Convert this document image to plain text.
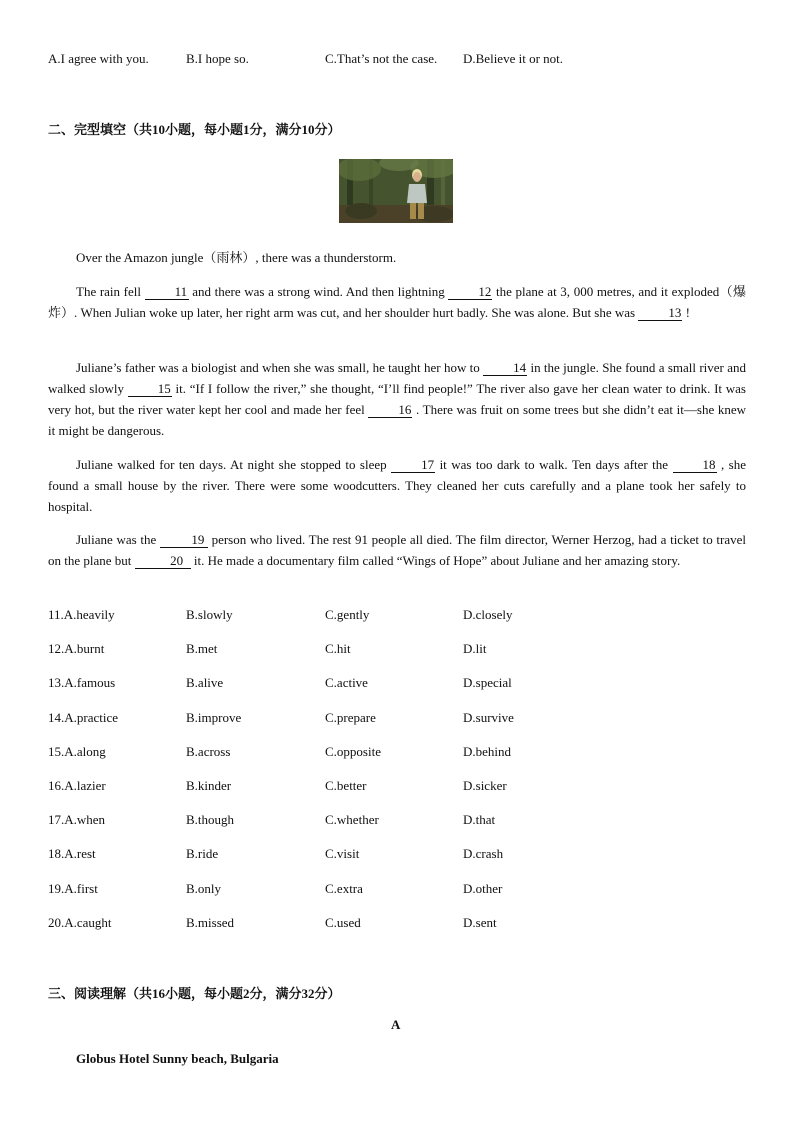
A.I agree with you.	B.I hope so.	C.That’s not the case. D.Believe it or not.
二、完型填空（共10小题，每小题1分，满分10分）
Over the Amazon jungle（雨林）, there was a thunderstorm.
The rain fell 11 and there was a strong wind. And then lightning 12 the plane at 3, 000 metres, and it exploded（爆炸）. When Julian woke up later, her right arm was cut, and her shoulder hurt badly. She was alone. But she was 13 !
Juliane’s father was a biologist and when she was small, he taught her how to 14 in the jungle. She found a small river and walked slowly 15 it. “If I follow the river,” she thought, “I’ll find people!” The river also gave her clean water to drink. It was very hot, but the river water kept her cool and made her feel 16 . There was fruit on some trees but she didn’t eat it—she knew it might be dangerous.
Juliane walked for ten days. At night she stopped to sleep 17 it was too dark to walk. Ten days after the 18 , she found a small house by the river. There were some woodcutters. They cleaned her cuts carefully and a plane took her safely to hospital.
Juliane was the 19 person who lived. The rest 91 people all died. The film director, Werner Herzog, had a ticket to travel on the plane but	20 it. He made a documentary film called “Wings of Hope” about Juliane and her amazing story.
11.A.heavily	B.slowly	C.gently	D.closely
12.A.burnt	B.met	C.hit	D.lit
13.A.famous	B.alive	C.active	D.special
14.A.practice	B.improve	C.prepare	D.survive
15.A.along	B.across	C.opposite	D.behind
16.A.lazier	B.kinder	C.better	D.sicker
17.A.when	B.though	C.whether	D.that
18.A.rest	B.ride	C.visit	D.crash
19.A.first	B.only	C.extra	D.other
20.A.caught	B.missed	C.used	D.sent
三、阅读理解（共16小题，每小题2分，满分32分）
A
Globus Hotel Sunny beach, Bulgaria
